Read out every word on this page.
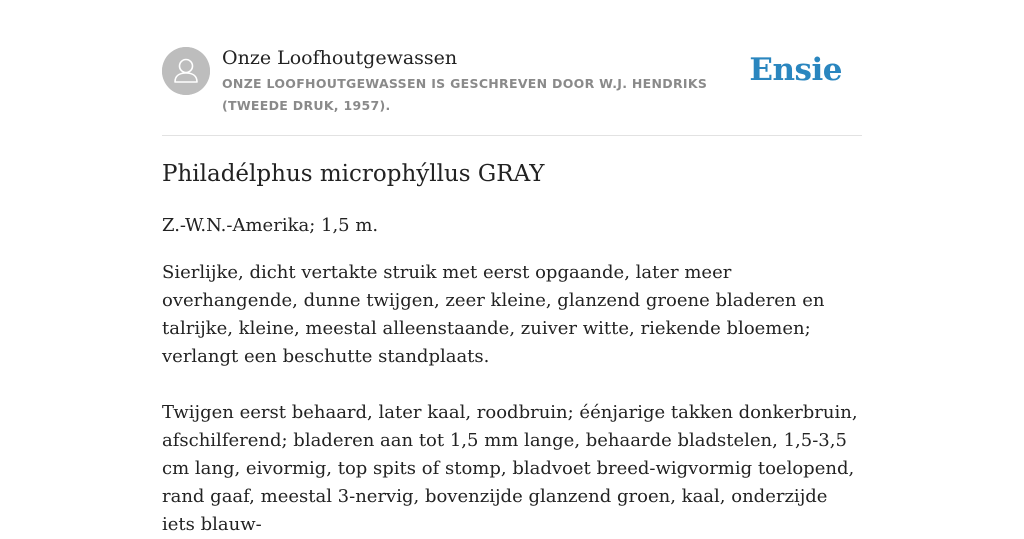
Onze Loofhoutgewassen
ONZE LOOFHOUTGEWASSEN IS GESCHREVEN DOOR W.J. HENDRIKS (TWEEDE DRUK, 1957).
Ensie
Philadélphus microphýllus GRAY

Z.-W.N.-Amerika; 1,5 m.

Sierlijke, dicht vertakte struik met eerst opgaande, later meer overhangende, dunne twijgen, zeer kleine, glanzend groene bladeren en talrijke, kleine, meestal alleenstaande, zuiver witte, riekende bloemen; verlangt een beschutte standplaats.

Twijgen eerst behaard, later kaal, roodbruin; éénjarige takken donkerbruin, afschilferend; bladeren aan tot 1,5 mm lange, behaarde bladstelen, 1,5-3,5 cm lang, eivormig, top spits of stomp, bladvoet breed-wigvormig toelopend, rand gaaf, meestal 3-nervig, bovenzijde glanzend groen, kaal, onderzijde iets blauw-
